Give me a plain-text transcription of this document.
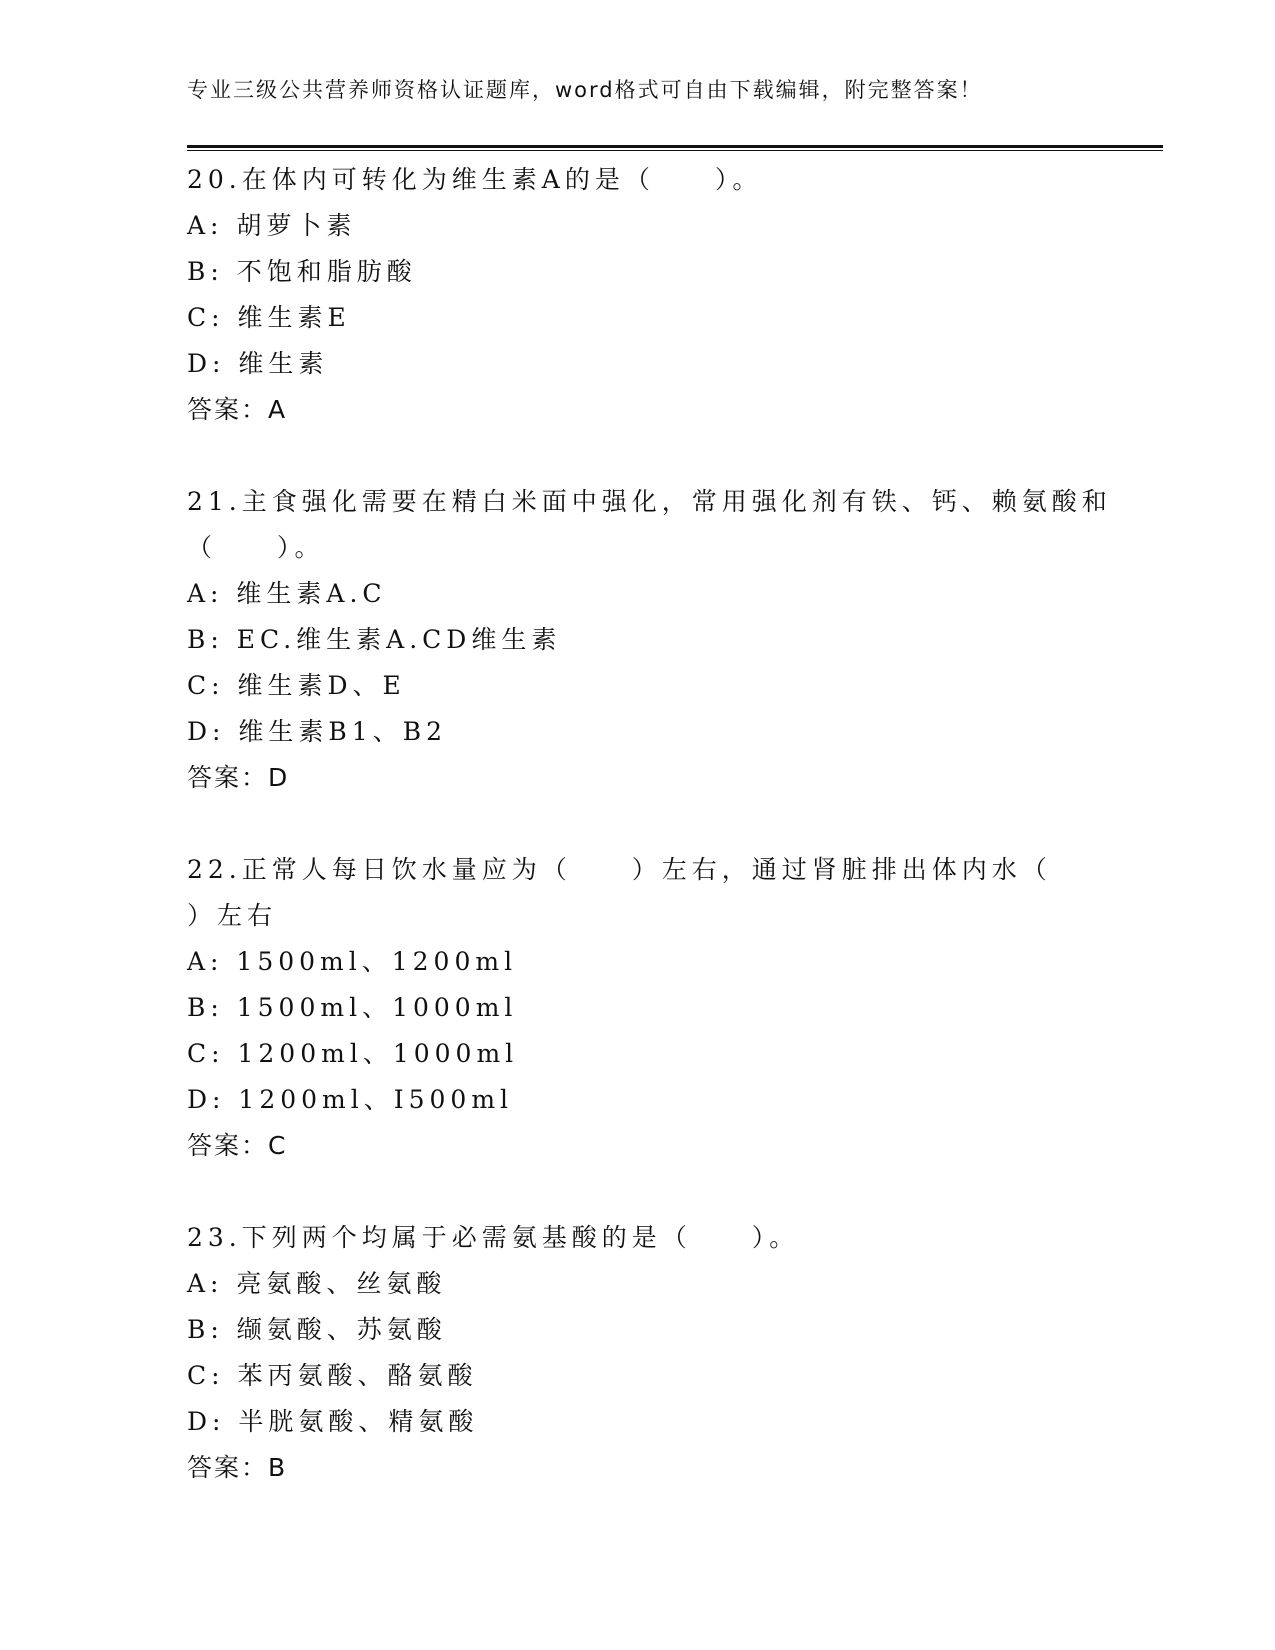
专业三级公共营养师资格认证题库，word格式可自由下载编辑，附完整答案！
20.在体内可转化为维生素A的是（　　）。
A: 胡萝卜素
B: 不饱和脂肪酸
C: 维生素E
D: 维生素
答案：A
21.主食强化需要在精白米面中强化，常用强化剂有铁、钙、赖氨酸和
（　　）。
A: 维生素A.C
B: EC.维生素A.CD维生素
C: 维生素D、E
D: 维生素B1、B2
答案：D
22.正常人每日饮水量应为（　　）左右，通过肾脏排出体内水（
）左右
A: 1500ml、1200ml
B: 1500ml、1000ml
C: 1200ml、1000ml
D: 1200ml、I500ml
答案：C
23.下列两个均属于必需氨基酸的是（　　）。
A: 亮氨酸、丝氨酸
B: 缬氨酸、苏氨酸
C: 苯丙氨酸、酪氨酸
D: 半胱氨酸、精氨酸
答案：B
